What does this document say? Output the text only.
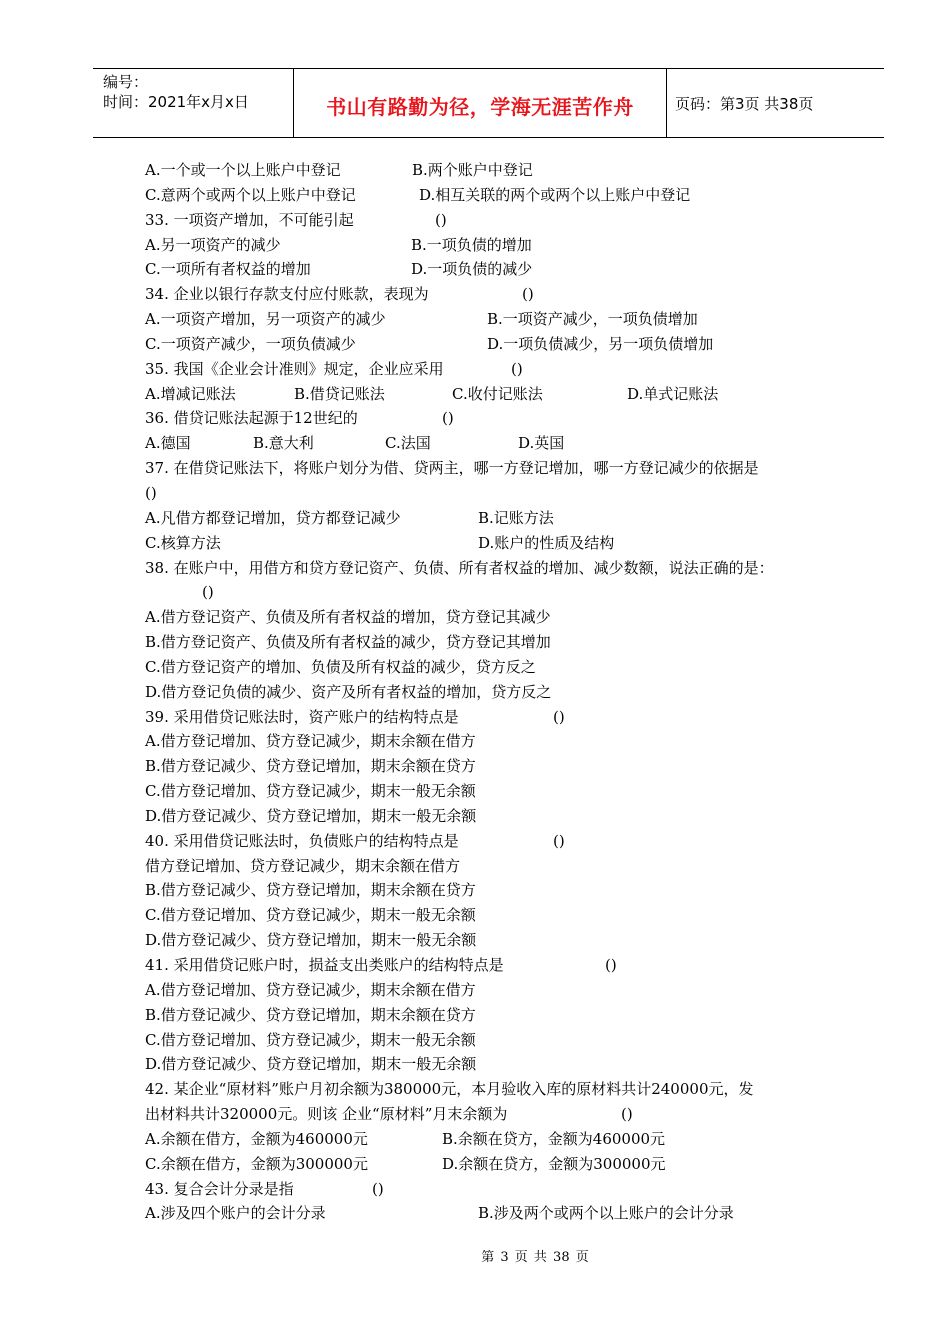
编号：
时间：2021年x月x日	书山有路勤为径，学海无涯苦作舟	页码：第3页 共38页
A.一个或一个以上账户中登记	B.两个账户中登记
C.意两个或两个以上账户中登记	D.相互关联的两个或两个以上账户中登记
33. 一项资产增加，不可能引起	()
A.另一项资产的减少	B.一项负债的增加
C.一项所有者权益的增加	D.一项负债的减少
34. 企业以银行存款支付应付账款，表现为	()
A.一项资产增加，另一项资产的减少	B.一项资产减少，一项负债增加
C.一项资产减少，一项负债减少	D.一项负债减少，另一项负债增加
35. 我国《企业会计准则》规定，企业应采用	()
A.增减记账法	B.借贷记账法	C.收付记账法	D.单式记账法
36. 借贷记账法起源于12世纪的	()
A.德国	B.意大利	C.法国	D.英国
37. 在借贷记账法下，将账户划分为借、贷两主，哪一方登记增加，哪一方登记减少的依据是
()
A.凡借方都登记增加，贷方都登记减少	B.记账方法
C.核算方法	D.账户的性质及结构
38. 在账户中，用借方和贷方登记资产、负债、所有者权益的增加、减少数额，说法正确的是：
()
A.借方登记资产、负债及所有者权益的增加，贷方登记其减少
B.借方登记资产、负债及所有者权益的减少，贷方登记其增加
C.借方登记资产的增加、负债及所有权益的减少，贷方反之
D.借方登记负债的减少、资产及所有者权益的增加，贷方反之
39. 采用借贷记账法时，资产账户的结构特点是	()
A.借方登记增加、贷方登记减少，期末余额在借方
B.借方登记减少、贷方登记增加，期末余额在贷方
C.借方登记增加、贷方登记减少，期末一般无余额
D.借方登记减少、贷方登记增加，期末一般无余额
40. 采用借贷记账法时，负债账户的结构特点是	()
借方登记增加、贷方登记减少，期末余额在借方
B.借方登记减少、贷方登记增加，期末余额在贷方
C.借方登记增加、贷方登记减少，期末一般无余额
D.借方登记减少、贷方登记增加，期末一般无余额
41. 采用借贷记账户时，损益支出类账户的结构特点是	()
A.借方登记增加、贷方登记减少，期末余额在借方
B.借方登记减少、贷方登记增加，期末余额在贷方
C.借方登记增加、贷方登记减少，期末一般无余额
D.借方登记减少、贷方登记增加，期末一般无余额
42. 某企业“原材料”账户月初余额为380000元，本月验收入库的原材料共计240000元，发
出材料共计320000元。则该 企业“原材料”月末余额为	()
A.余额在借方，金额为460000元	B.余额在贷方，金额为460000元
C.余额在借方，金额为300000元	D.余额在贷方，金额为300000元
43. 复合会计分录是指	()
A.涉及四个账户的会计分录	B.涉及两个或两个以上账户的会计分录
第 3 页 共 38 页
